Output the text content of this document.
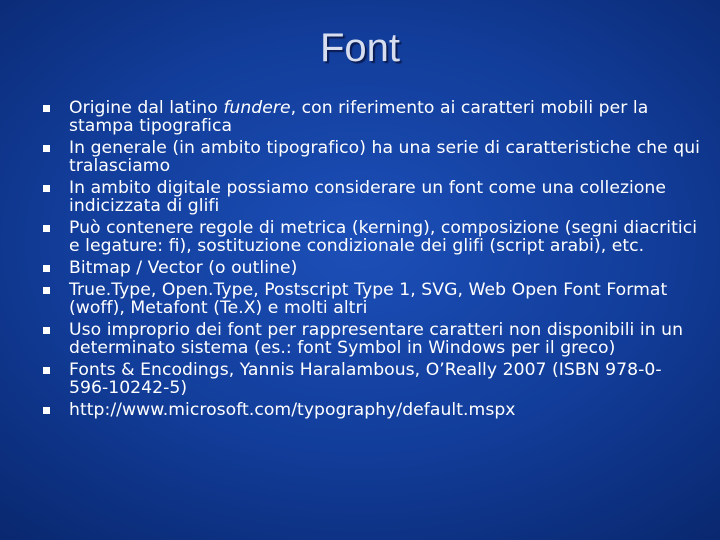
Font
Origine dal latino fundere, con riferimento ai caratteri mobili per la stampa tipografica
In generale (in ambito tipografico) ha una serie di caratteristiche che qui tralasciamo
In ambito digitale possiamo considerare un font come una collezione indicizzata di glifi
Può contenere regole di metrica (kerning), composizione (segni diacritici e legature: ﬁ), sostituzione condizionale dei glifi (script arabi), etc.
Bitmap / Vector (o outline)
True.Type, Open.Type, Postscript Type 1, SVG, Web Open Font Format (woff), Metafont (Te.X) e molti altri
Uso improprio dei font per rappresentare caratteri non disponibili in un determinato sistema (es.: font Symbol in Windows per il greco)
Fonts & Encodings, Yannis Haralambous, O’Really 2007 (ISBN 978-0-596-10242-5)
http://www.microsoft.com/typography/default.mspx
